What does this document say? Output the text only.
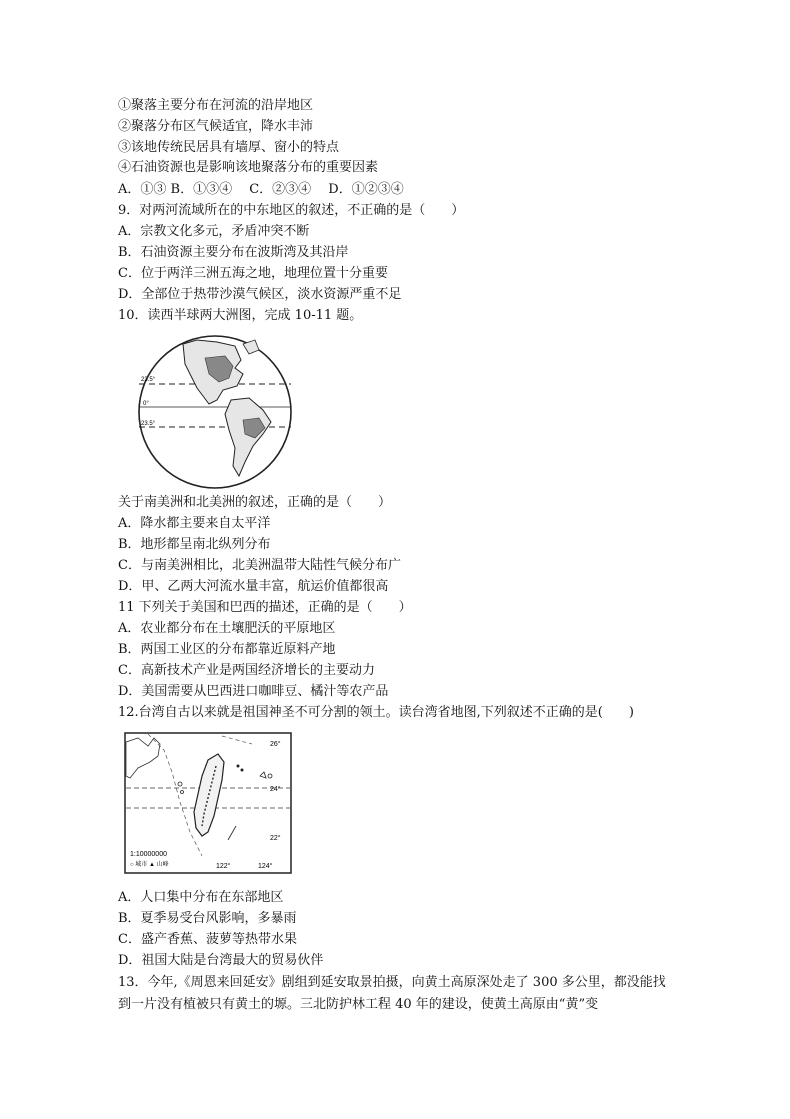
①聚落主要分布在河流的沿岸地区
②聚落分布区气候适宜，降水丰沛
③该地传统民居具有墙厚、窗小的特点
④石油资源也是影响该地聚落分布的重要因素
A．①③ B．①③④　 C．②③④　 D．①②③④
9．对两河流域所在的中东地区的叙述，不正确的是（　　）
A．宗教文化多元，矛盾冲突不断
B．石油资源主要分布在波斯湾及其沿岸
C．位于两洋三洲五海之地，地理位置十分重要
D．全部位于热带沙漠气候区，淡水资源严重不足
10．读西半球两大洲图，完成 10-11 题。
23.5°
0°
23.5°
关于南美洲和北美洲的叙述，正确的是（　　）
A．降水都主要来自太平洋
B．地形都呈南北纵列分布
C．与南美洲相比，北美洲温带大陆性气候分布广
D．甲、乙两大河流水量丰富，航运价值都很高
11 下列关于美国和巴西的描述，正确的是（　　）
A．农业都分布在土壤肥沃的平原地区
B．两国工业区的分布都靠近原料产地
C．高新技术产业是两国经济增长的主要动力
D．美国需要从巴西进口咖啡豆、橘汁等农产品
12.台湾自古以来就是祖国神圣不可分割的领土。读台湾省地图,下列叙述不正确的是(　　)
26°
24°
22°
122°	124°
1:10000000
○ 城市 ▲ 山峰
A．人口集中分布在东部地区
B．夏季易受台风影响，多暴雨
C．盛产香蕉、菠萝等热带水果
D．祖国大陆是台湾最大的贸易伙伴
13．今年,《周恩来回延安》剧组到延安取景拍摄，向黄土高原深处走了 300 多公里，都没能找到一片没有植被只有黄土的塬。三北防护林工程 40 年的建设，使黄土高原由“黄”变
